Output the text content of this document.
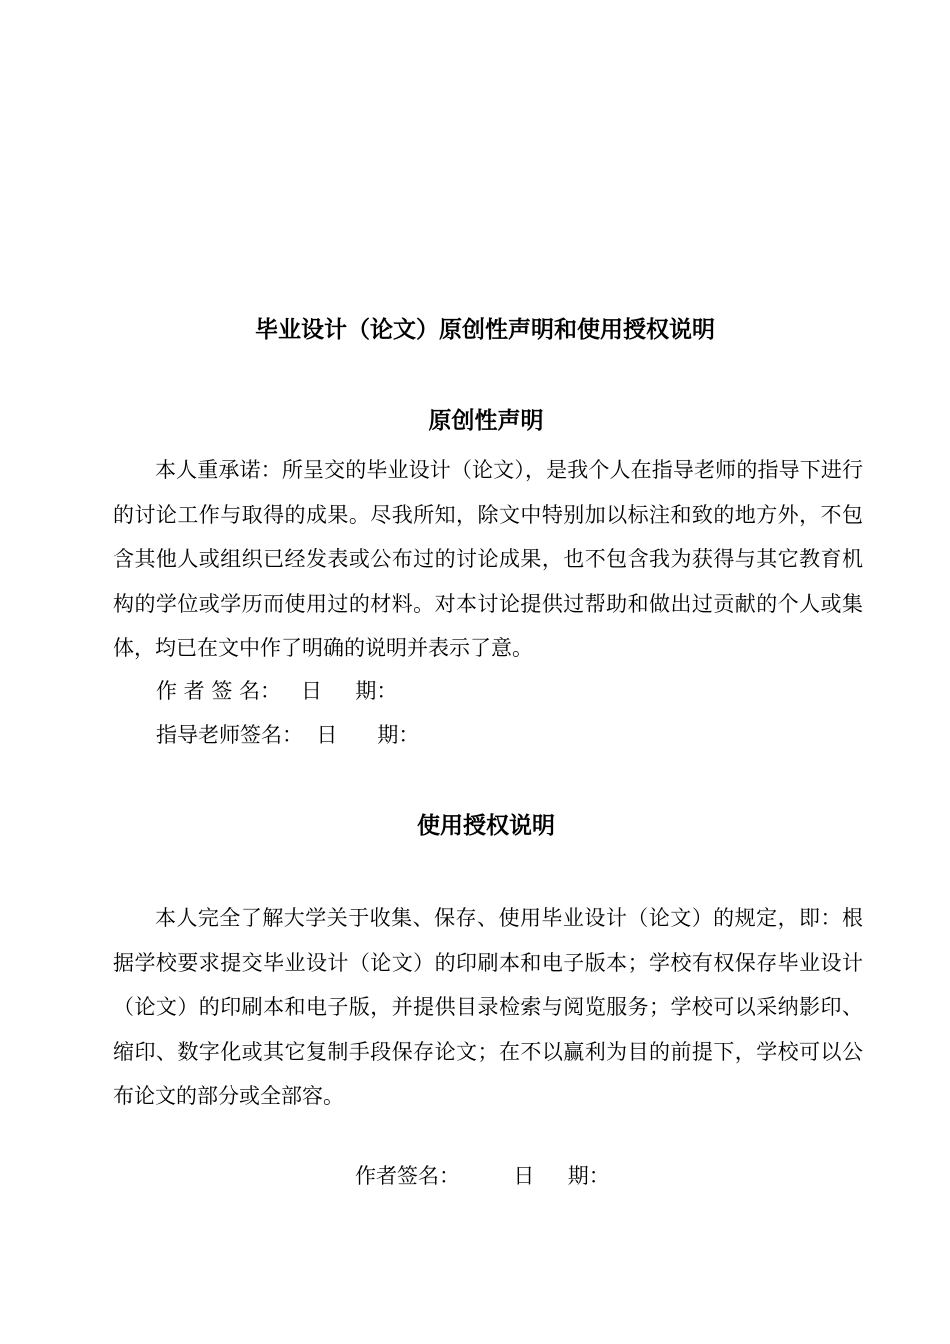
毕业设计（论文）原创性声明和使用授权说明
原创性声明

本人重承诺：所呈交的毕业设计（论文），是我个人在指导老师的指导下进行的讨论工作与取得的成果。尽我所知，除文中特别加以标注和致的地方外，不包含其他人或组织已经发表或公布过的讨论成果，也不包含我为获得与其它教育机构的学位或学历而使用过的材料。对本讨论提供过帮助和做出过贡献的个人或集体，均已在文中作了明确的说明并表示了意。

作 者 签 名：   日     期：
指导老师签名：  日      期：
使用授权说明

本人完全了解大学关于收集、保存、使用毕业设计（论文）的规定，即：根据学校要求提交毕业设计（论文）的印刷本和电子版本；学校有权保存毕业设计（论文）的印刷本和电子版，并提供目录检索与阅览服务；学校可以采纳影印、缩印、数字化或其它复制手段保存论文；在不以赢利为目的前提下，学校可以公布论文的部分或全部容。

作者签名：        日     期：
